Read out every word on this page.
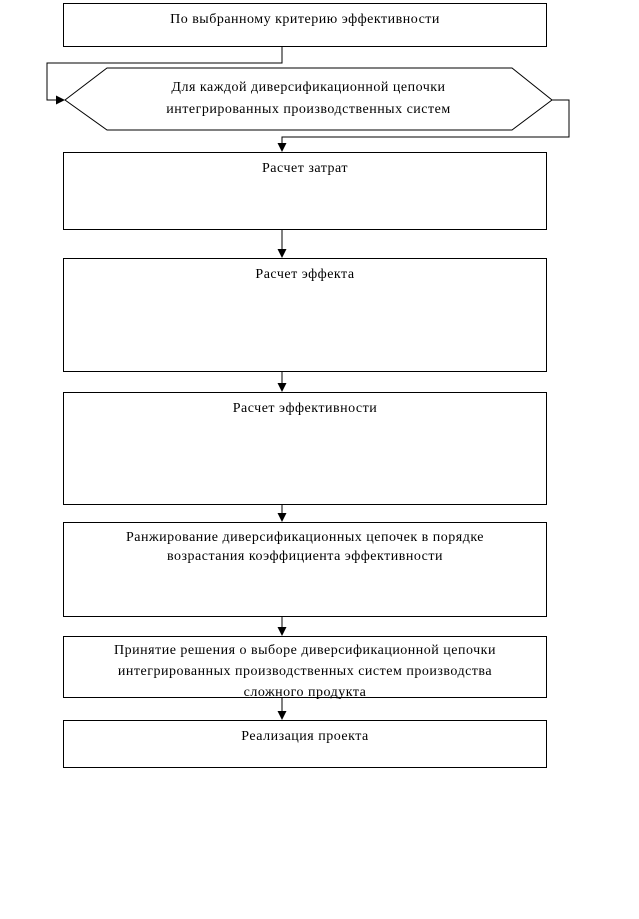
По выбранному критерию эффективности
Для каждой диверсификационной цепочки
интегрированных производственных систем
Расчет затрат
Расчет эффекта
Расчет эффективности
Ранжирование диверсификационных цепочек в порядке
возрастания коэффициента эффективности
Принятие решения о выборе диверсификационной цепочки
интегрированных производственных систем производства
сложного продукта
Реализация проекта
